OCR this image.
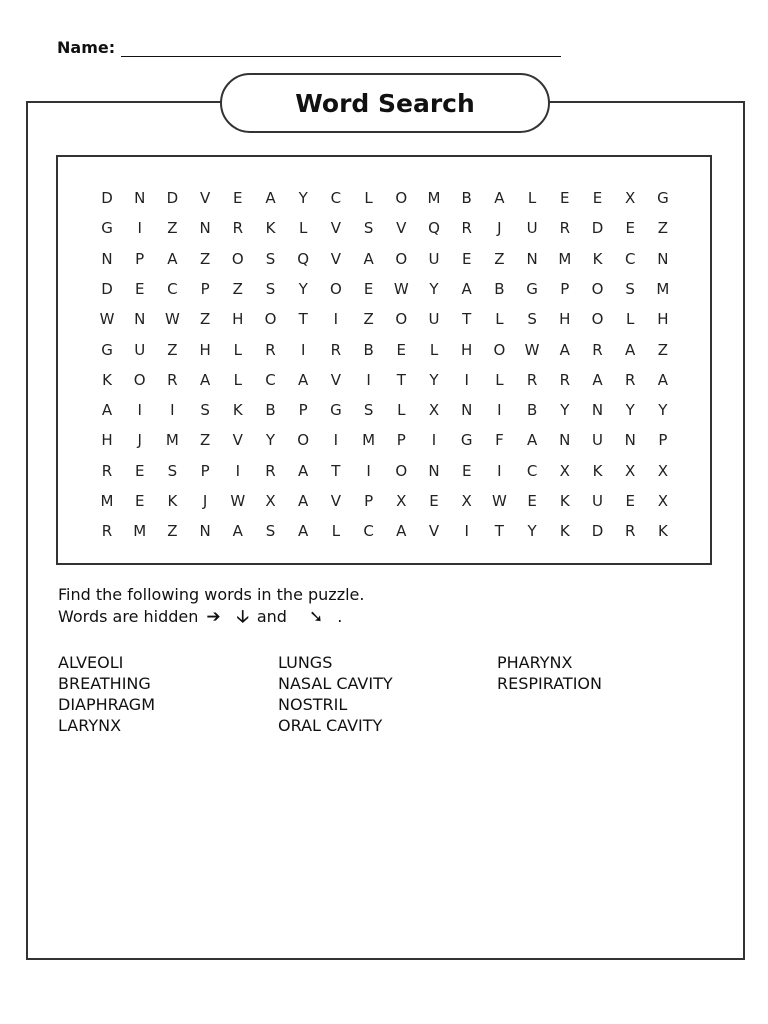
Name:
Word Search
D	N	D	V	E	A	Y	C	L	O	M	B	A	L	E	E	X	G
G	I	Z	N	R	K	L	V	S	V	Q	R	J	U	R	D	E	Z
N	P	A	Z	O	S	Q	V	A	O	U	E	Z	N	M	K	C	N
D	E	C	P	Z	S	Y	O	E	W	Y	A	B	G	P	O	S	M
W	N	W	Z	H	O	T	I	Z	O	U	T	L	S	H	O	L	H
G	U	Z	H	L	R	I	R	B	E	L	H	O	W	A	R	A	Z
K	O	R	A	L	C	A	V	I	T	Y	I	L	R	R	A	R	A
A	I	I	S	K	B	P	G	S	L	X	N	I	B	Y	N	Y	Y
H	J	M	Z	V	Y	O	I	M	P	I	G	F	A	N	U	N	P
R	E	S	P	I	R	A	T	I	O	N	E	I	C	X	K	X	X
M	E	K	J	W	X	A	V	P	X	E	X	W	E	K	U	E	X
R	M	Z	N	A	S	A	L	C	A	V	I	T	Y	K	D	R	K
Find the following words in the puzzle.
Words are hidden ➔ 🡣 and ➘ .
ALVEOLI
BREATHING
DIAPHRAGM
LARYNX
LUNGS
NASAL CAVITY
NOSTRIL
ORAL CAVITY
PHARYNX
RESPIRATION
